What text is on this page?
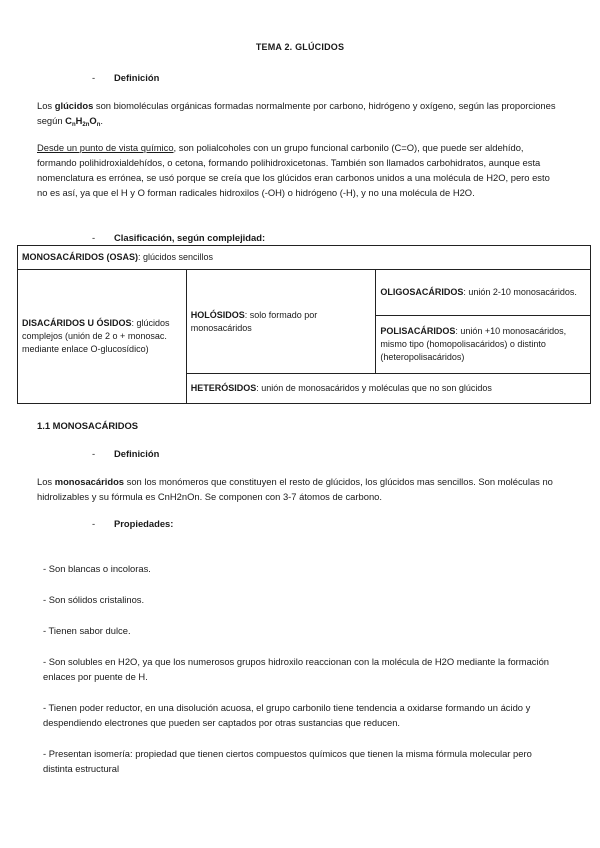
TEMA 2. GLÚCIDOS
- Definición
Los glúcidos son biomoléculas orgánicas formadas normalmente por carbono, hidrógeno y oxígeno, según las proporciones según $C_nH_{2n}O_n$.
Desde un punto de vista químico, son polialcoholes con un grupo funcional carbonilo (C=O), que puede ser aldehído, formando polihidroxialdehídos, o cetona, formando polihidroxicetonas. También son llamados carbohidratos, aunque esta nomenclatura es errónea, se usó porque se creía que los glúcidos eran carbonos unidos a una molécula de H2O, pero esto no es así, ya que el H y O forman radicales hidroxilos (-OH) o hidrógeno (-H), y no una molécula de H2O.
- Clasificación, según complejidad:
MONOSACÁRIDOS (OSAS): glúcidos sencillos
DISACÁRIDOS U ÓSIDOS: glúcidos complejos (unión de 2 o + monosac. mediante enlace O-glucosídico)	HOLÓSIDOS: solo formado por monosacáridos	OLIGOSACÁRIDOS: unión 2-10 monosacáridos.
POLISACÁRIDOS: unión +10 monosacáridos, mismo tipo (homopolisacáridos) o distinto (heteropolisacáridos)
HETERÓSIDOS: unión de monosacáridos y moléculas que no son glúcidos
1.1 MONOSACÁRIDOS
- Definición
Los monosacáridos son los monómeros que constituyen el resto de glúcidos, los glúcidos mas sencillos. Son moléculas no hidrolizables y su fórmula es CnH2nOn. Se componen con 3-7 átomos de carbono.
- Propiedades:
- Son blancas o incoloras.
- Son sólidos cristalinos.
- Tienen sabor dulce.
- Son solubles en H2O, ya que los numerosos grupos hidroxilo reaccionan con la molécula de H2O mediante la formación enlaces por puente de H.
- Tienen poder reductor, en una disolución acuosa, el grupo carbonilo tiene tendencia a oxidarse formando un ácido y despendiendo electrones que pueden ser captados por otras sustancias que reducen.
- Presentan isomería: propiedad que tienen ciertos compuestos químicos que tienen la misma fórmula molecular pero distinta estructural
